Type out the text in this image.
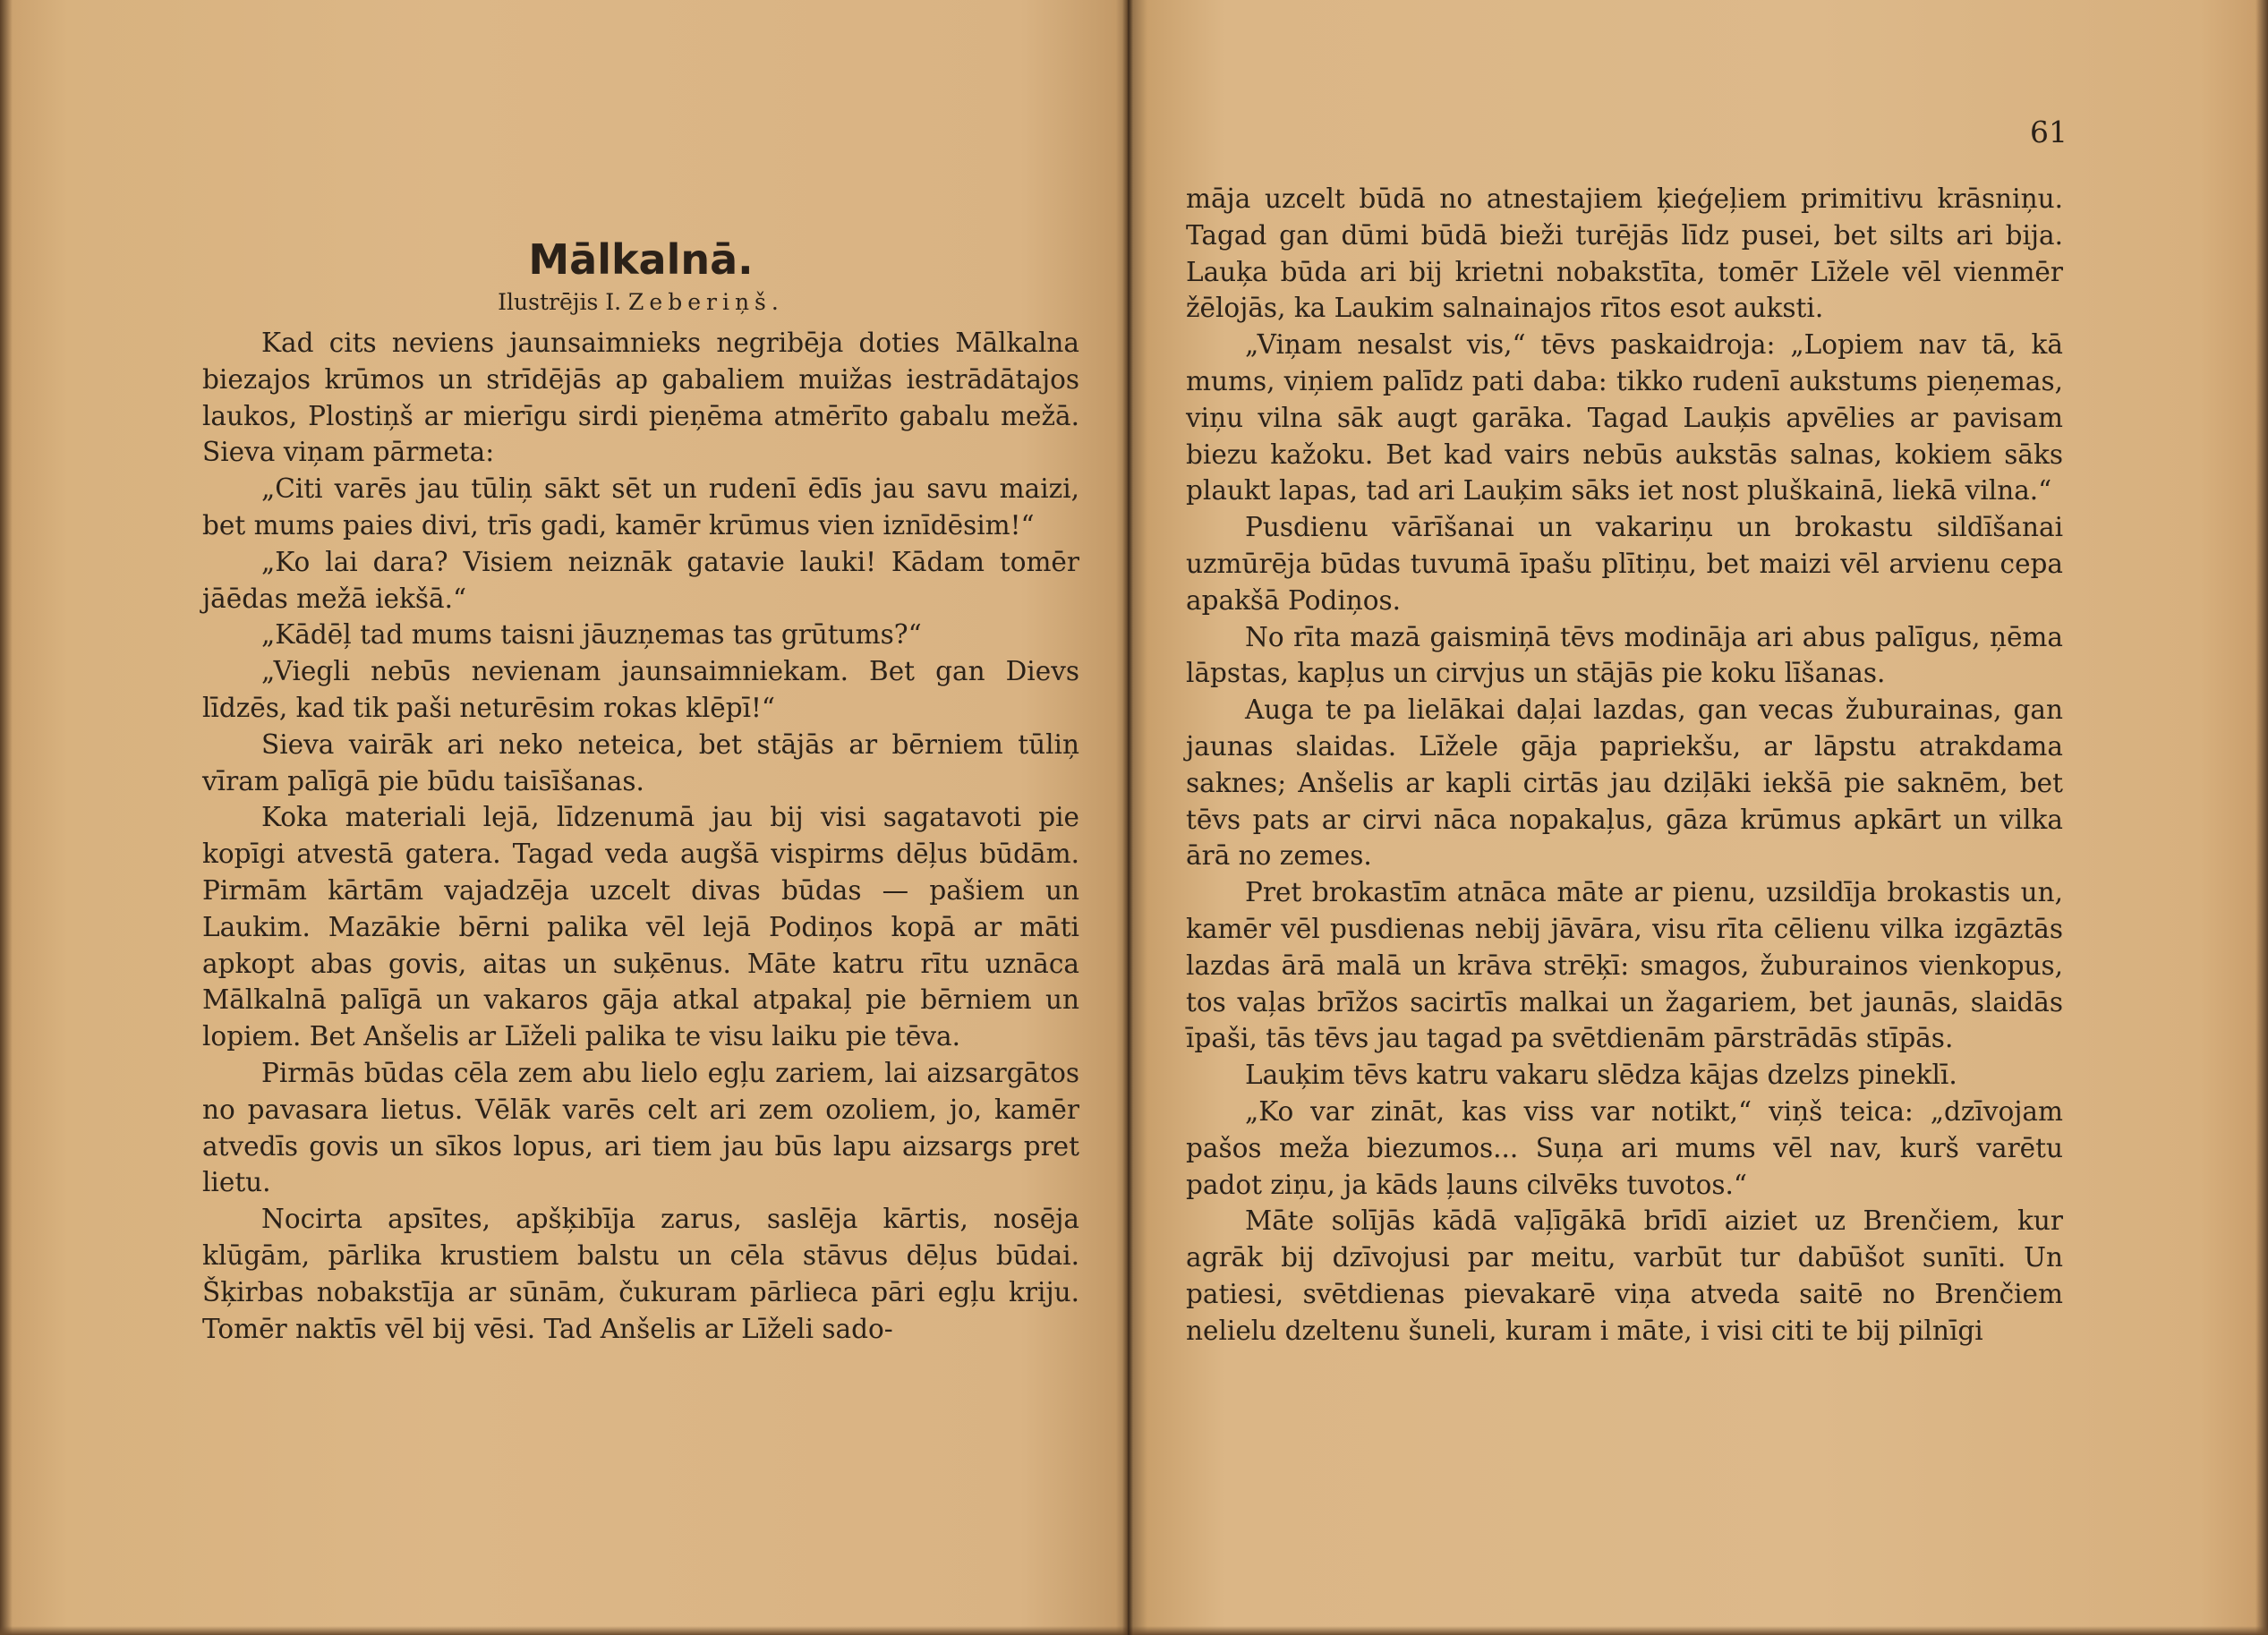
Mālkalnā.
Ilustrējis I. Zeberiņš.

Kad cits neviens jaunsaimnieks negribēja doties Mālkalna biezajos krūmos un strīdējās ap gabaliem muižas iestrādātajos laukos, Plostiņš ar mierīgu sirdi pieņēma atmērīto gabalu mežā. Sieva viņam pārmeta:

„Citi varēs jau tūliņ sākt sēt un rudenī ēdīs jau savu maizi, bet mums paies divi, trīs gadi, kamēr krūmus vien iznīdēsim!“

„Ko lai dara? Visiem neiznāk gatavie lauki! Kādam tomēr jāēdas mežā iekšā.“

„Kādēļ tad mums taisni jāuzņemas tas grūtums?“

„Viegli nebūs nevienam jaunsaimniekam. Bet gan Dievs līdzēs, kad tik paši neturēsim rokas klēpī!“

Sieva vairāk ari neko neteica, bet stājās ar bērniem tūliņ vīram palīgā pie būdu taisīšanas.

Koka materiali lejā, līdzenumā jau bij visi sagatavoti pie kopīgi atvestā gatera. Tagad veda augšā vispirms dēļus būdām. Pirmām kārtām vajadzēja uzcelt divas būdas — pašiem un Laukim. Mazākie bērni palika vēl lejā Podiņos kopā ar māti apkopt abas govis, aitas un suķēnus. Māte katru rītu uznāca Mālkalnā palīgā un vakaros gāja atkal atpakaļ pie bērniem un lopiem. Bet Anšelis ar Līželi palika te visu laiku pie tēva.

Pirmās būdas cēla zem abu lielo egļu zariem, lai aizsargātos no pavasara lietus. Vēlāk varēs celt ari zem ozoliem, jo, kamēr atvedīs govis un sīkos lopus, ari tiem jau būs lapu aizsargs pret lietu.

Nocirta apsītes, apšķibīja zarus, saslēja kārtis, nosēja klūgām, pārlika krustiem balstu un cēla stāvus dēļus būdai. Šķirbas nobakstīja ar sūnām, čukuram pārlieca pāri egļu kriju. Tomēr naktīs vēl bij vēsi. Tad Anšelis ar Līželi sado-

61

māja uzcelt būdā no atnestajiem ķieģeļiem primitivu krāsniņu. Tagad gan dūmi būdā bieži turējās līdz pusei, bet silts ari bija. Lauķa būda ari bij krietni nobakstīta, tomēr Līžele vēl vienmēr žēlojās, ka Laukim salnainajos rītos esot auksti.

„Viņam nesalst vis,“ tēvs paskaidroja: „Lopiem nav tā, kā mums, viņiem palīdz pati daba: tikko rudenī aukstums pieņemas, viņu vilna sāk augt garāka. Tagad Lauķis apvēlies ar pavisam biezu kažoku. Bet kad vairs nebūs aukstās salnas, kokiem sāks plaukt lapas, tad ari Lauķim sāks iet nost pluškainā, liekā vilna.“

Pusdienu vārīšanai un vakariņu un brokastu sildīšanai uzmūrēja būdas tuvumā īpašu plītiņu, bet maizi vēl arvienu cepa apakšā Podiņos.

No rīta mazā gaismiņā tēvs modināja ari abus palīgus, ņēma lāpstas, kapļus un cirvjus un stājās pie koku līšanas.

Auga te pa lielākai daļai lazdas, gan vecas žuburainas, gan jaunas slaidas. Līžele gāja papriekšu, ar lāpstu atrakdama saknes; Anšelis ar kapli cirtās jau dziļāki iekšā pie saknēm, bet tēvs pats ar cirvi nāca nopakaļus, gāza krūmus apkārt un vilka ārā no zemes.

Pret brokastīm atnāca māte ar pienu, uzsildīja brokastis un, kamēr vēl pusdienas nebij jāvāra, visu rīta cēlienu vilka izgāztās lazdas ārā malā un krāva strēķī: smagos, žuburainos vienkopus, tos vaļas brīžos sacirtīs malkai un žagariem, bet jaunās, slaidās īpaši, tās tēvs jau tagad pa svētdienām pārstrādās stīpās.

Lauķim tēvs katru vakaru slēdza kājas dzelzs pineklī.

„Ko var zināt, kas viss var notikt,“ viņš teica: „dzīvojam pašos meža biezumos... Suņa ari mums vēl nav, kurš varētu padot ziņu, ja kāds ļauns cilvēks tuvotos.“

Māte solījās kādā vaļīgākā brīdī aiziet uz Brenčiem, kur agrāk bij dzīvojusi par meitu, varbūt tur dabūšot sunīti. Un patiesi, svētdienas pievakarē viņa atveda saitē no Brenčiem nelielu dzeltenu šuneli, kuram i māte, i visi citi te bij pilnīgi
